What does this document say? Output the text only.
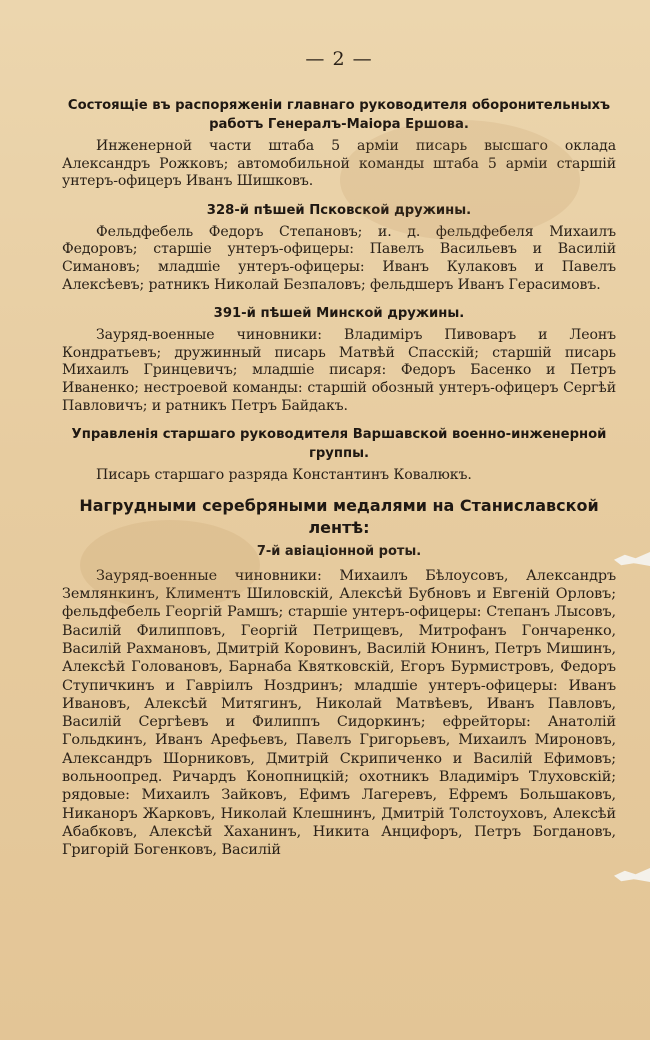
— 2 —
Состоящіе въ распоряженіи главнаго руководителя оборонительныхъ работъ Генералъ-Маіора Ершова.

Инженерной части штаба 5 арміи писарь высшаго оклада Александръ Рожковъ; автомобильной команды штаба 5 арміи старшій унтеръ-офицеръ Иванъ Шишковъ.

328-й пѣшей Псковской дружины.

Фельдфебель Федоръ Степановъ; и. д. фельдфебеля Михаилъ Федоровъ; старшіе унтеръ-офицеры: Павелъ Васильевъ и Василій Симановъ; младшіе унтеръ-офицеры: Иванъ Кулаковъ и Павелъ Алексѣевъ; ратникъ Николай Безпаловъ; фельдшеръ Иванъ Герасимовъ.

391-й пѣшей Минской дружины.

Зауряд-военные чиновники: Владиміръ Пивоваръ и Леонъ Кондратьевъ; дружинный писарь Матвѣй Спасскій; старшій писарь Михаилъ Гринцевичъ; младшіе писаря: Федоръ Басенко и Петръ Иваненко; нестроевой команды: старшій обозный унтеръ-офицеръ Сергѣй Павловичъ; и ратникъ Петръ Байдакъ.

Управленія старшаго руководителя Варшавской военно-инженерной группы.

Писарь старшаго разряда Константинъ Ковалюкъ.

Нагрудными серебряными медалями на Станиславской лентѣ:
7-й авіаціонной роты.

Зауряд-военные чиновники: Михаилъ Бѣлоусовъ, Александръ Землянкинъ, Климентъ Шиловскій, Алексѣй Бубновъ и Евгеній Орловъ; фельдфебель Георгій Рамшъ; старшіе унтеръ-офицеры: Степанъ Лысовъ, Василій Филипповъ, Георгій Петрищевъ, Митрофанъ Гончаренко, Василій Рахмановъ, Дмитрій Коровинъ, Василій Юнинъ, Петръ Мишинъ, Алексѣй Головановъ, Барнаба Квятковскій, Егоръ Бурмистровъ, Федоръ Ступичкинъ и Гавріилъ Ноздринъ; младшіе унтеръ-офицеры: Иванъ Ивановъ, Алексѣй Митягинъ, Николай Матвѣевъ, Иванъ Павловъ, Василій Сергѣевъ и Филиппъ Сидоркинъ; ефрейторы: Анатолій Гольдкинъ, Иванъ Арефьевъ, Павелъ Григорьевъ, Михаилъ Мироновъ, Александръ Шорниковъ, Дмитрій Скрипиченко и Василій Ефимовъ; вольноопред. Ричардъ Конопницкій; охотникъ Владиміръ Тлуховскій; рядовые: Михаилъ Зайковъ, Ефимъ Лагеревъ, Ефремъ Большаковъ, Никаноръ Жарковъ, Николай Клешнинъ, Дмитрій Толстоуховъ, Алексѣй Абабковъ, Алексѣй Хаханинъ, Никита Анцифоръ, Петръ Богдановъ, Григорій Богенковъ, Василій
